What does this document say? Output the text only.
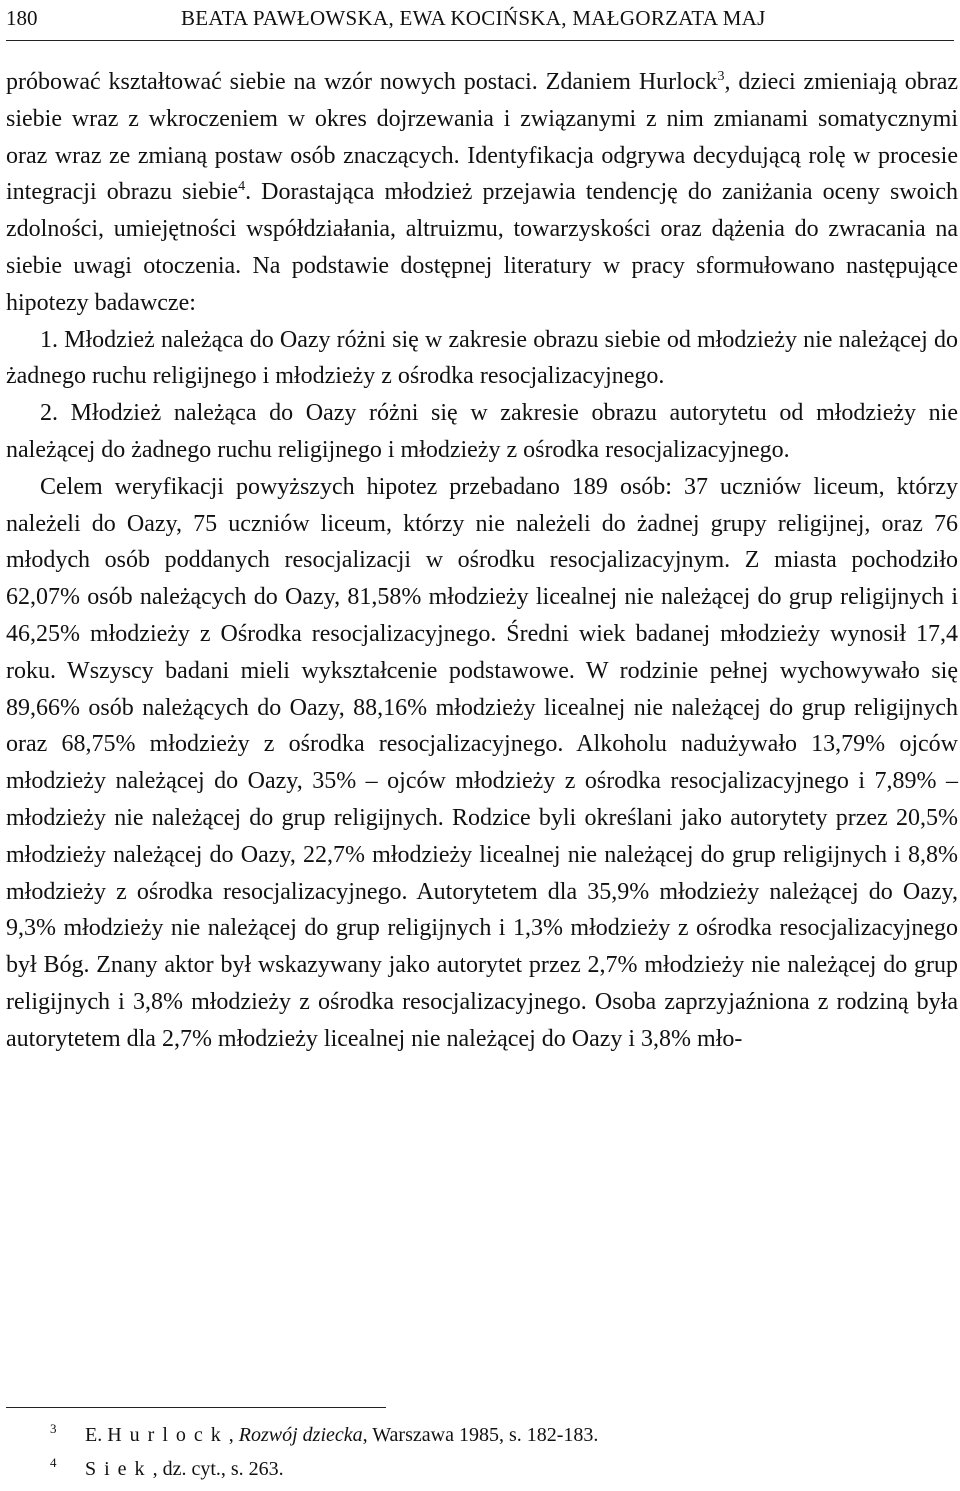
180	BEATA PAWŁOWSKA, EWA KOCIŃSKA, MAŁGORZATA MAJ

próbować kształtować siebie na wzór nowych postaci. Zdaniem Hurlock$^3$, dzieci zmieniają obraz siebie wraz z wkroczeniem w okres dojrzewania i związanymi z nim zmianami somatycznymi oraz wraz ze zmianą postaw osób znaczących. Identyfikacja odgrywa decydującą rolę w procesie integracji obrazu siebie$^4$. Dorastająca młodzież przejawia tendencję do zaniżania oceny swoich zdolności, umiejętności współdziałania, altruizmu, towarzyskości oraz dążenia do zwracania na siebie uwagi otoczenia. Na podstawie dostępnej literatury w pracy sformułowano następujące hipotezy badawcze:

1. Młodzież należąca do Oazy różni się w zakresie obrazu siebie od młodzieży nie należącej do żadnego ruchu religijnego i młodzieży z ośrodka resocjalizacyjnego.

2. Młodzież należąca do Oazy różni się w zakresie obrazu autorytetu od młodzieży nie należącej do żadnego ruchu religijnego i młodzieży z ośrodka resocjalizacyjnego.

Celem weryfikacji powyższych hipotez przebadano 189 osób: 37 uczniów liceum, którzy należeli do Oazy, 75 uczniów liceum, którzy nie należeli do żadnej grupy religijnej, oraz 76 młodych osób poddanych resocjalizacji w ośrodku resocjalizacyjnym. Z miasta pochodziło 62,07% osób należących do Oazy, 81,58% młodzieży licealnej nie należącej do grup religijnych i 46,25% młodzieży z Ośrodka resocjalizacyjnego. Średni wiek badanej młodzieży wynosił 17,4 roku. Wszyscy badani mieli wykształcenie podstawowe. W rodzinie pełnej wychowywało się 89,66% osób należących do Oazy, 88,16% młodzieży licealnej nie należącej do grup religijnych oraz 68,75% młodzieży z ośrodka resocjalizacyjnego. Alkoholu nadużywało 13,79% ojców młodzieży należącej do Oazy, 35% – ojców młodzieży z ośrodka resocjalizacyjnego i 7,89% – młodzieży nie należącej do grup religijnych. Rodzice byli określani jako autorytety przez 20,5% młodzieży należącej do Oazy, 22,7% młodzieży licealnej nie należącej do grup religijnych i 8,8% młodzieży z ośrodka resocjalizacyjnego. Autorytetem dla 35,9% młodzieży należącej do Oazy, 9,3% młodzieży nie należącej do grup religijnych i 1,3% młodzieży z ośrodka resocjalizacyjnego był Bóg. Znany aktor był wskazywany jako autorytet przez 2,7% młodzieży nie należącej do grup religijnych i 3,8% młodzieży z ośrodka resocjalizacyjnego. Osoba zaprzyjaźniona z rodziną była autorytetem dla 2,7% młodzieży licealnej nie należącej do Oazy i 3,8% mło-

$^3$ E. Hurlock, Rozwój dziecka, Warszawa 1985, s. 182-183.

$^4$ Siek, dz. cyt., s. 263.
